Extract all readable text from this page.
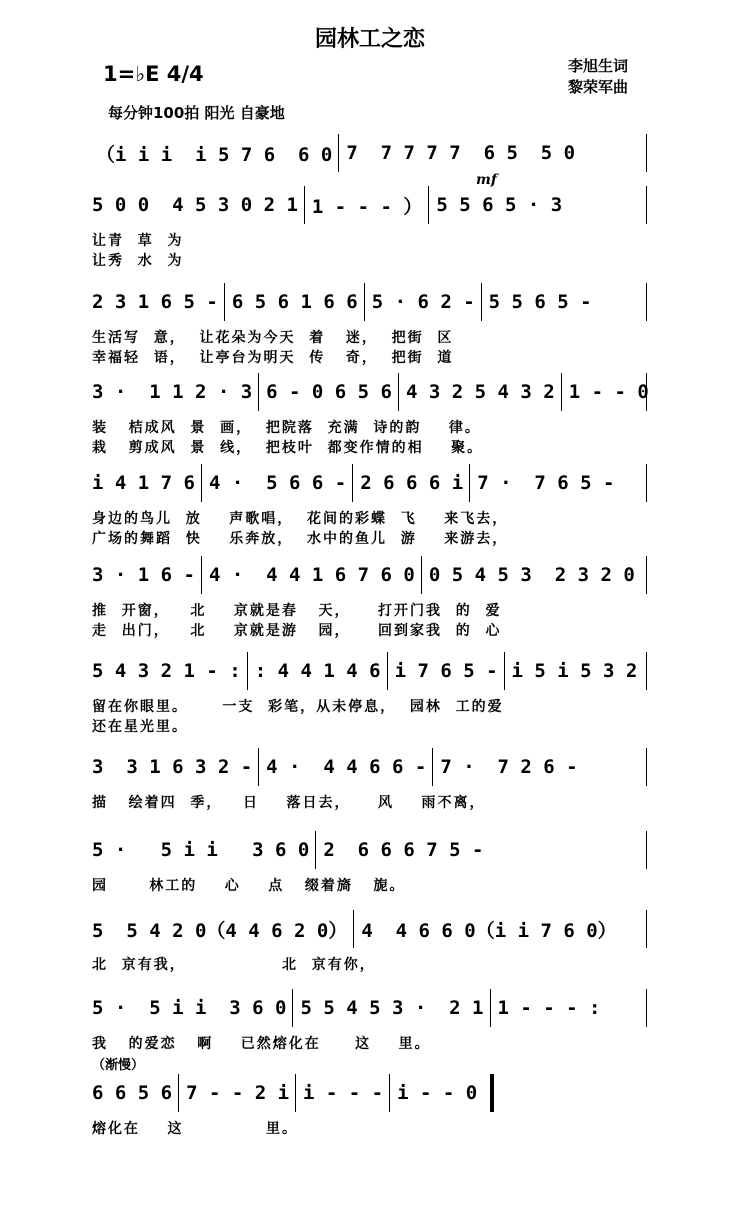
园林工之恋
李旭生词
黎荣军曲
1=♭E 4/4
每分钟100拍 阳光 自豪地
mf
（渐慢）
（i i i  i 5 7 6  6 0 7  7 7 7 7  6 5  5 0
5 0 0  4 5 3 0 2 1 1 - - - ） 5 5 6 5 · 3
让青  草  为
让秀  水  为
2 3 1 6 5 - 6 5 6 1 6 6 5 · 6 2 - 5 5 6 5 -
生活写  意，  让花朵为今天  着   迷，  把街  区
幸福轻  语，  让亭台为明天  传   奇，  把街  道
3 ·  1 1 2 · 3 6 - 0 6 5 6 4 3 2 5 4 3 2 1 - - 0
装   桔成风  景  画，  把院落  充满  诗的韵    律。
栽   剪成风  景  线，  把枝叶  都变作情的相    聚。
i 4 1 7 6 4 ·  5 6 6 - 2 6 6 6 i 7 ·  7 6 5 -
身边的鸟儿  放    声歌唱，  花间的彩蝶  飞    来飞去，
广场的舞蹈  快    乐奔放，  水中的鱼儿  游    来游去，
3 · 1 6 - 4 ·  4 4 1 6 7 6 0 0 5 4 5 3  2 3 2 0
推  开窗，   北    京就是春   天，    打开门我  的  爱
走  出门，   北    京就是游   园，    回到家我  的  心
5 4 3 2 1 - : : 4 4 1 4 6 i 7 6 5 - i 5 i 5 3 2
留在你眼里。     一支  彩笔，从未停息，  园林  工的爱
还在星光里。
3  3 1 6 3 2 - 4 ·  4 4 6 6 - 7 ·  7 2 6 -
描   绘着四  季，   日    落日去，    风    雨不离，
5 ·   5 i i   3 6 0 2  6 6 6 7 5 -
园      林工的    心    点   缀着旖   旎。
5  5 4 2 0（4 4 6 2 0） 4  4 6 6 0（i i 7 6 0）
北  京有我，              北  京有你，
5 ·  5 i i  3 6 0 5 5 4 5 3 ·  2 1 1 - - - :
我   的爱恋   啊    已然熔化在     这    里。
6 6 5 6 7 - - 2 i i - - - i - - 0
熔化在    这            里。
